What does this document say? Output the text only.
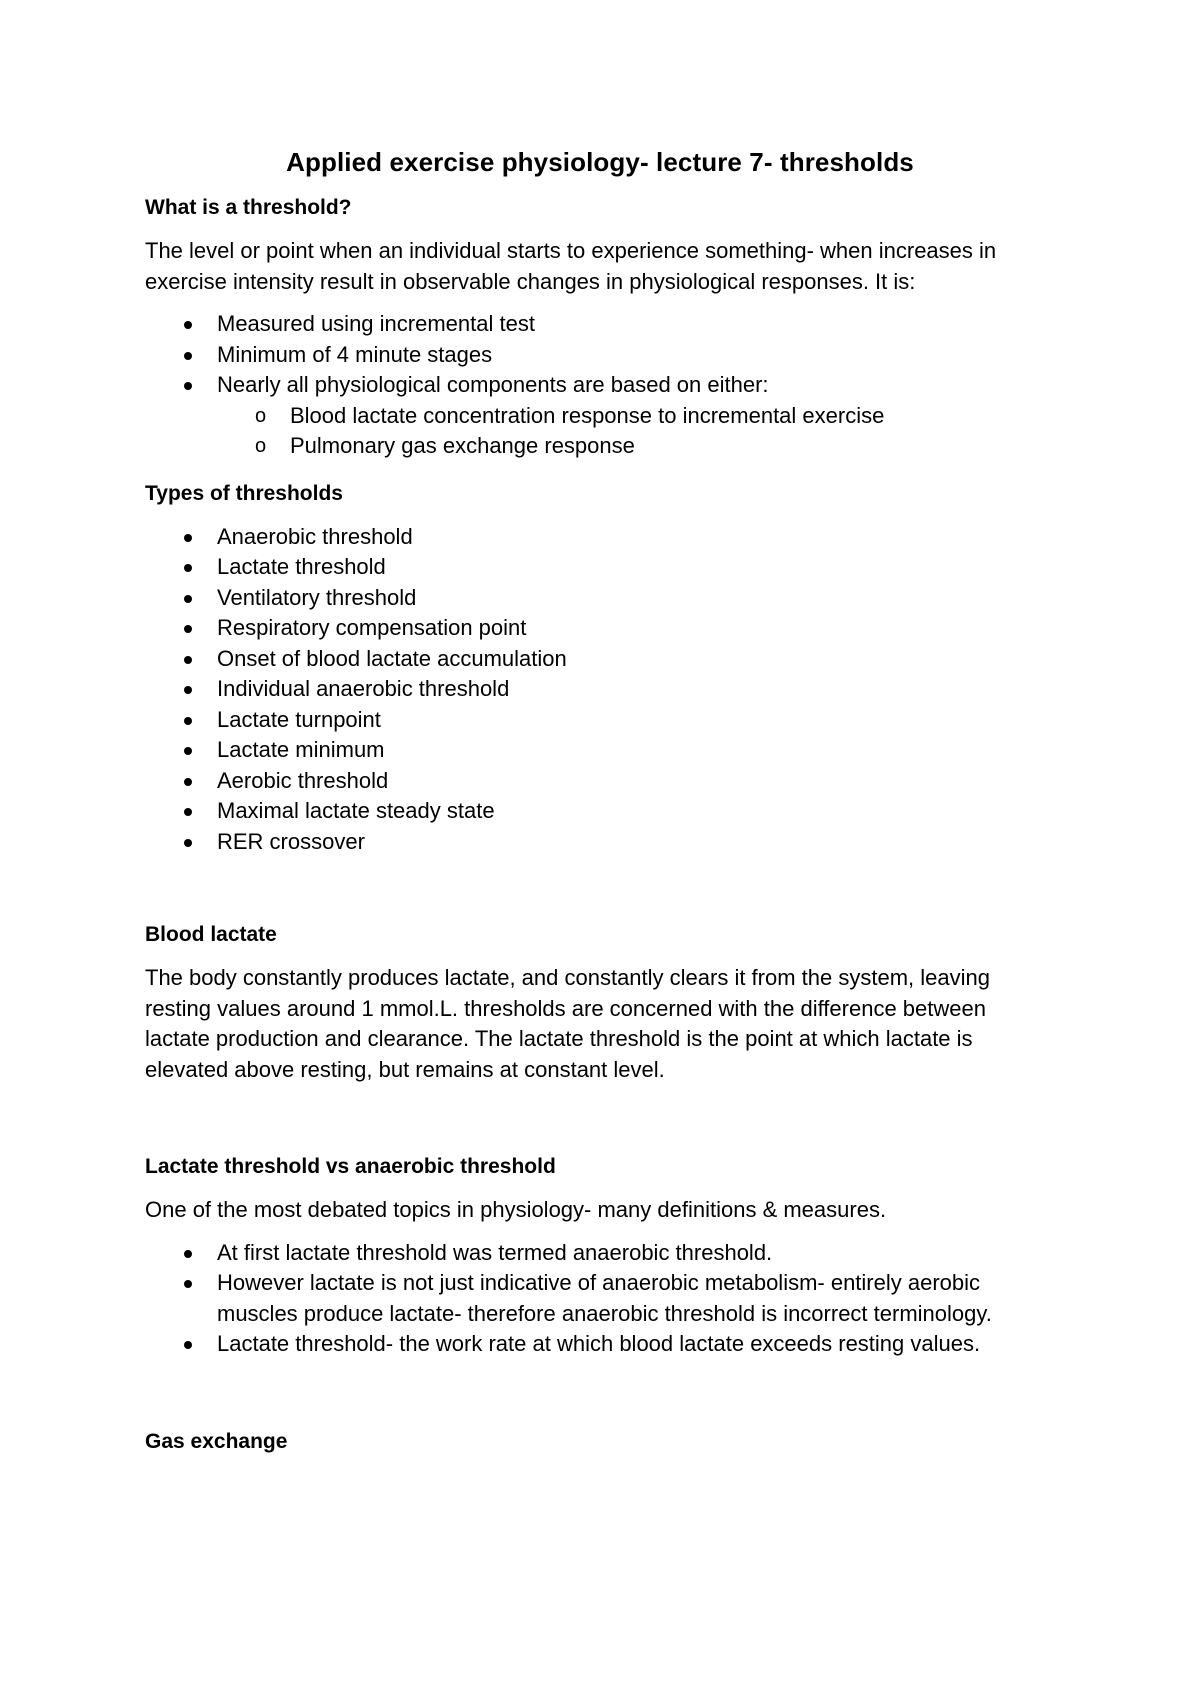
Applied exercise physiology- lecture 7- thresholds
What is a threshold?

The level or point when an individual starts to experience something- when increases in exercise intensity result in observable changes in physiological responses. It is:

Measured using incremental test
Minimum of 4 minute stages
Nearly all physiological components are based on either:
o Blood lactate concentration response to incremental exercise
o Pulmonary gas exchange response
Types of thresholds
Anaerobic threshold
Lactate threshold
Ventilatory threshold
Respiratory compensation point
Onset of blood lactate accumulation
Individual anaerobic threshold
Lactate turnpoint
Lactate minimum
Aerobic threshold
Maximal lactate steady state
RER crossover
Blood lactate

The body constantly produces lactate, and constantly clears it from the system, leaving resting values around 1 mmol.L. thresholds are concerned with the difference between lactate production and clearance. The lactate threshold is the point at which lactate is elevated above resting, but remains at constant level.

Lactate threshold vs anaerobic threshold

One of the most debated topics in physiology- many definitions & measures.

At first lactate threshold was termed anaerobic threshold.
However lactate is not just indicative of anaerobic metabolism- entirely aerobic muscles produce lactate- therefore anaerobic threshold is incorrect terminology.
Lactate threshold- the work rate at which blood lactate exceeds resting values.
Gas exchange
